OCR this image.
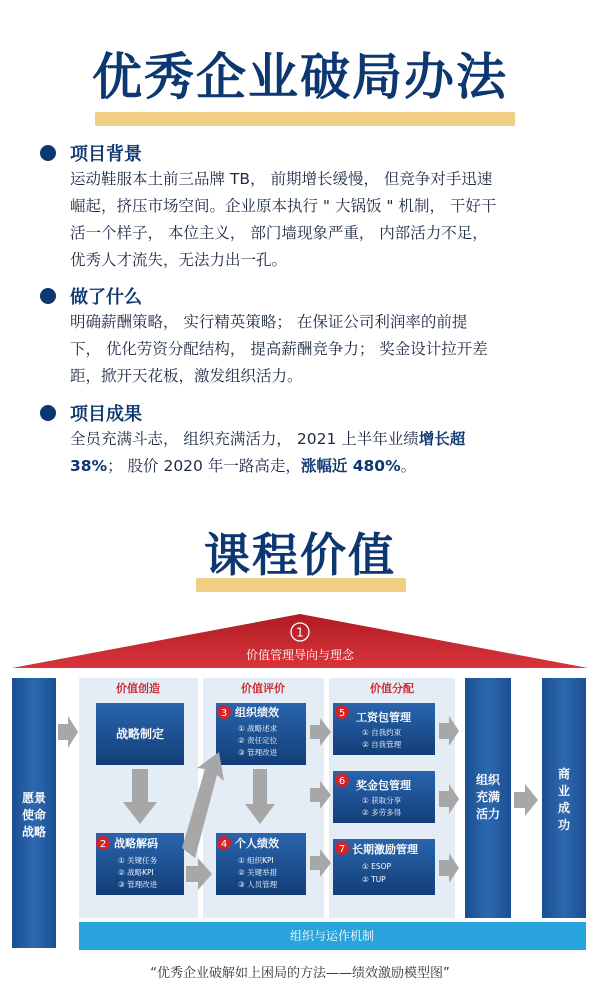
优秀企业破局办法
项目背景
运动鞋服本土前三品牌 TB， 前期增长缓慢， 但竞争对手迅速
崛起，挤压市场空间。企业原本执行 " 大锅饭 " 机制， 干好干
活一个样子， 本位主义， 部门墙现象严重， 内部活力不足，
优秀人才流失，无法力出一孔。
做了什么
明确薪酬策略， 实行精英策略； 在保证公司利润率的前提
下， 优化劳资分配结构， 提高薪酬竞争力； 奖金设计拉开差
距，掀开天花板，激发组织活力。
项目成果
全员充满斗志， 组织充满活力， 2021 上半年业绩增长超
38%； 股价 2020 年一路高走，涨幅近 480%。
课程价值
1
价值管理导向与理念
愿景
使命
战略
价值创造	价值评价	价值分配
战略制定
2 战略解码
① 关键任务
② 战略KPI
③ 管理改进
3 组织绩效
① 战略述求
② 责任定位
③ 管理改进
4 个人绩效
① 组织KPI
② 关键举措
③ 人员管理
5 工资包管理
① 自我约束
② 自我管理
6 奖金包管理
① 获取分享
② 多劳多得
7 长期激励管理
① ESOP
② TUP
组织
充满
活力
商
业
成
功
组织与运作机制
“优秀企业破解如上困局的方法——绩效激励模型图”
